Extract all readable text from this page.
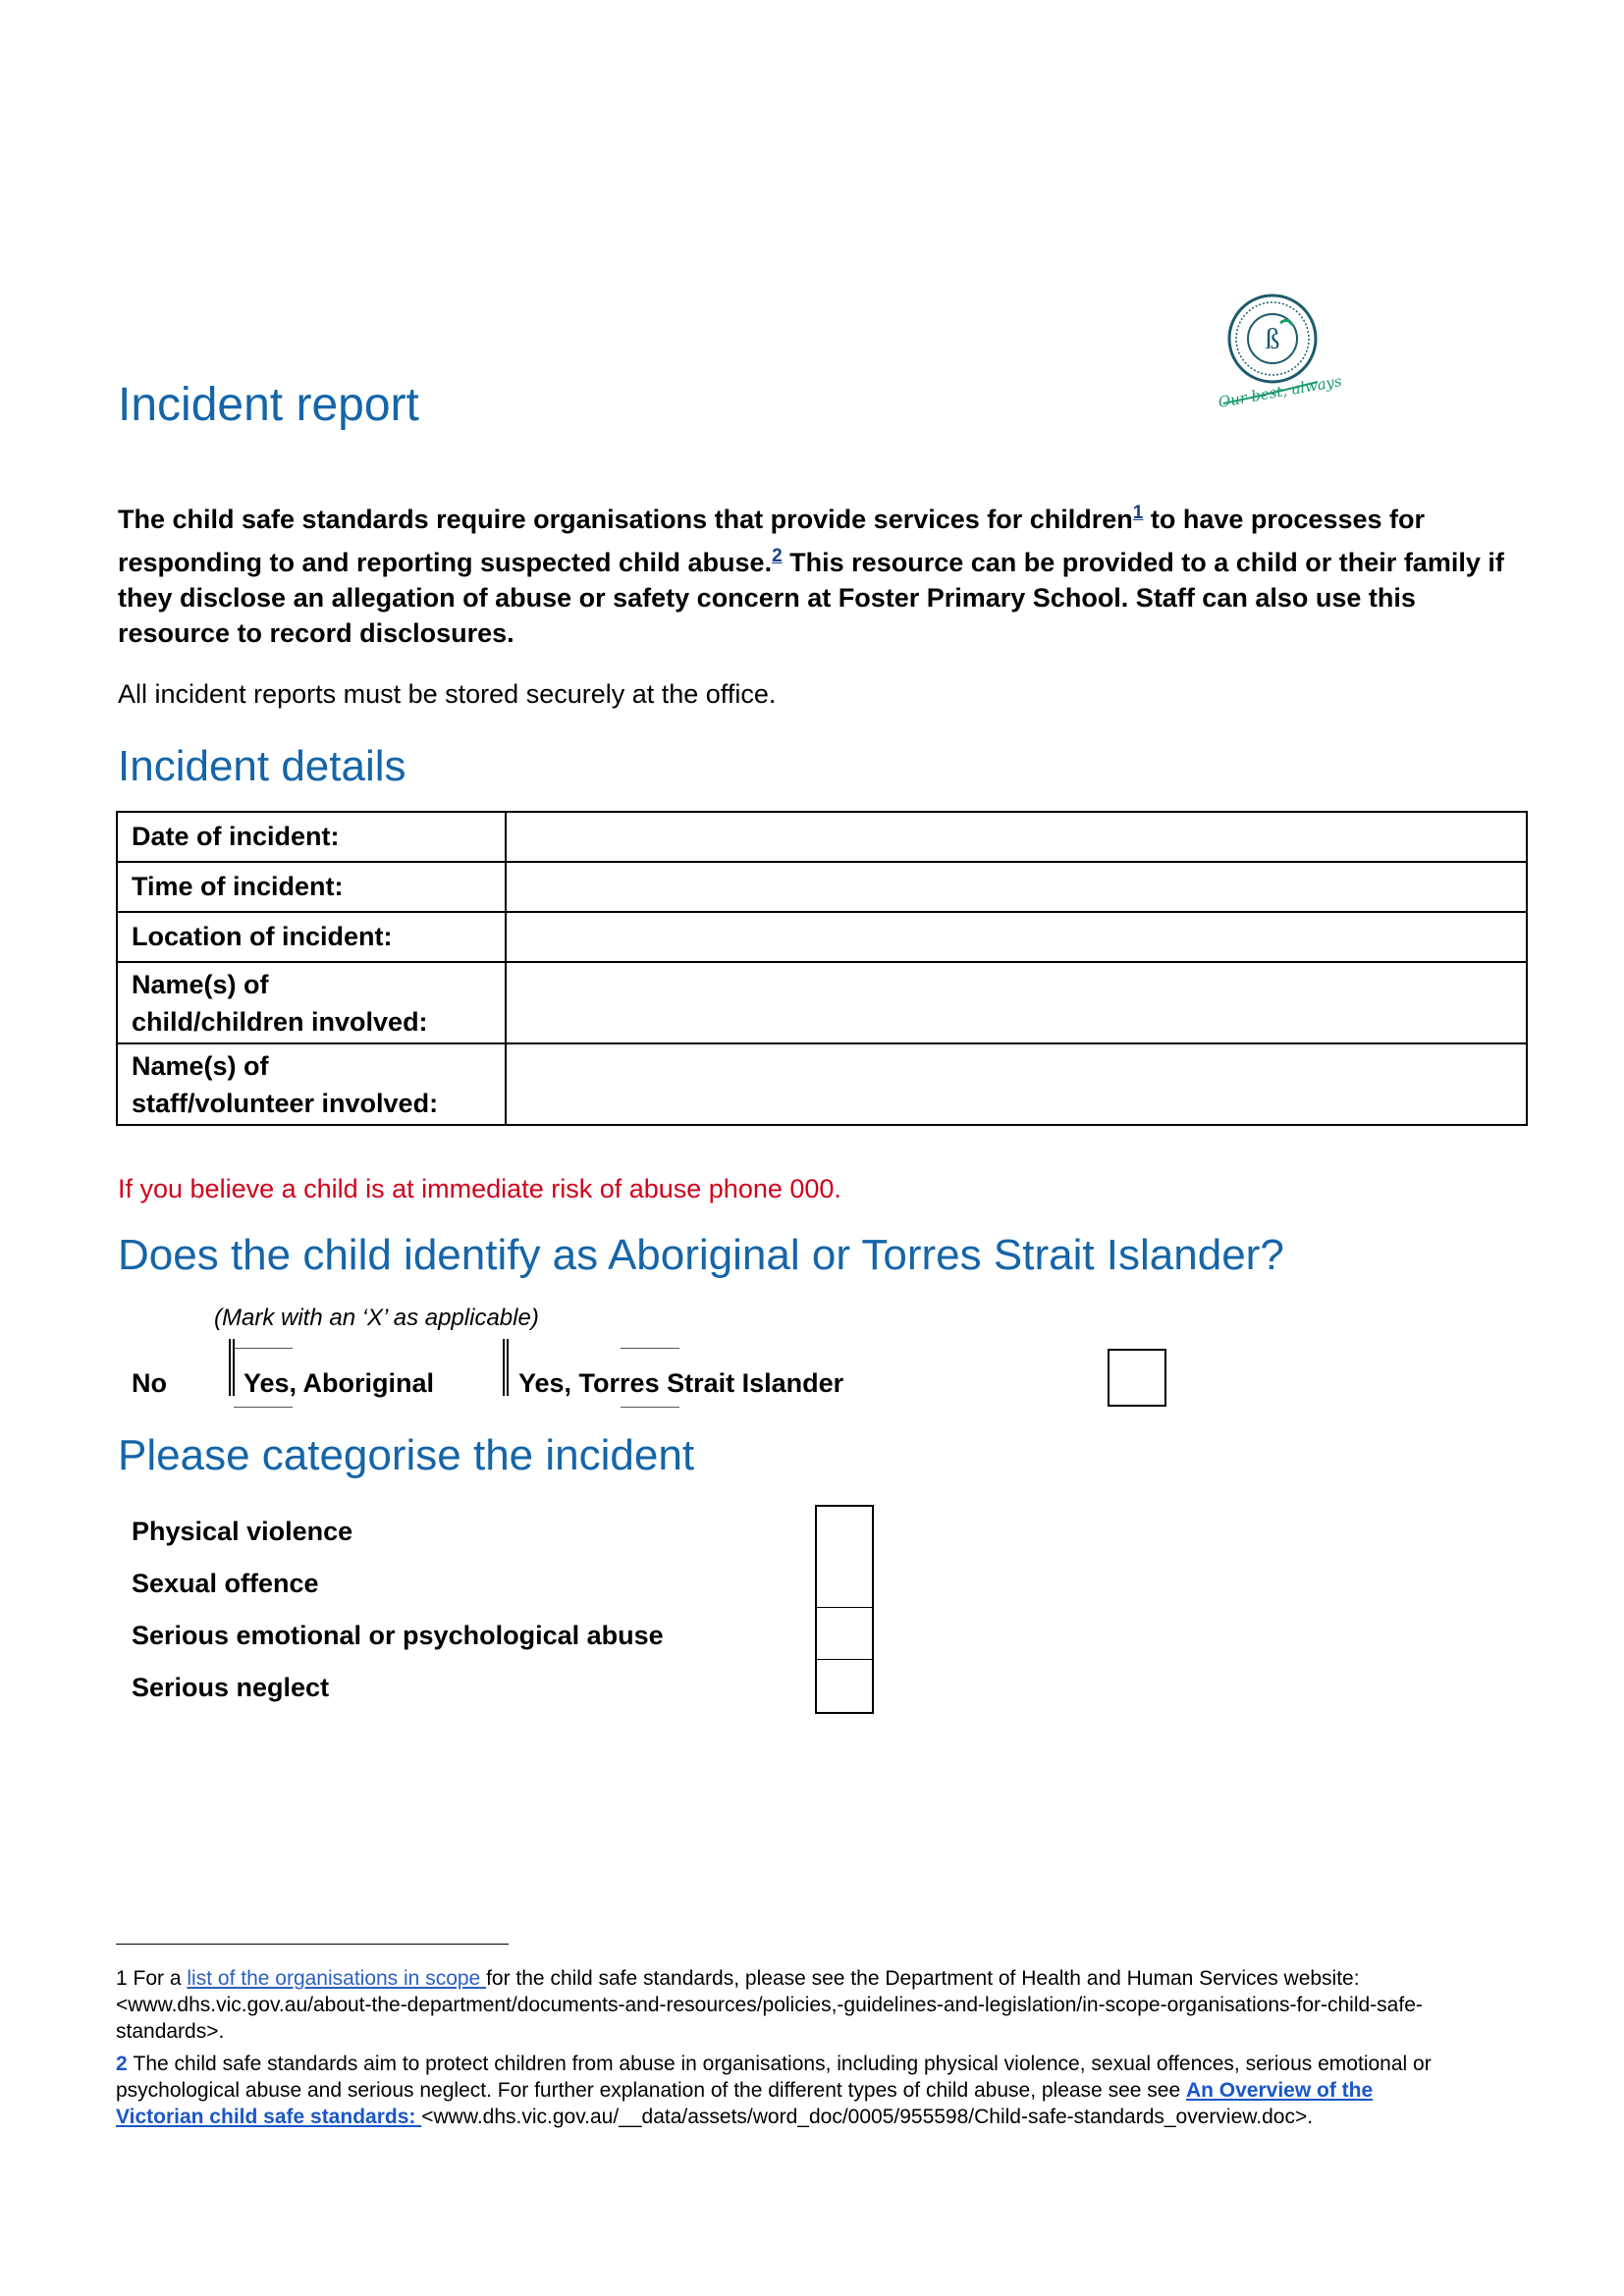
ß
Our best, always
Incident report
The child safe standards require organisations that provide services for children$^1$ to have processes for responding to and reporting suspected child abuse.$^2$ This resource can be provided to a child or their family if they disclose an allegation of abuse or safety concern at Foster Primary School. Staff can also use this resource to record disclosures.
All incident reports must be stored securely at the office.
Incident details
Date of incident:	
Time of incident:	
Location of incident:	
Name(s) of
child/children involved:	
Name(s) of
staff/volunteer involved:	
If you believe a child is at immediate risk of abuse phone 000.
Does the child identify as Aboriginal or Torres Strait Islander?
(Mark with an ‘X’ as applicable)
No	Yes, Aboriginal	Yes, Torres Strait Islander
Please categorise the incident
Physical violence
Sexual offence
Serious emotional or psychological abuse
Serious neglect
1 For a list of the organisations in scope for the child safe standards, please see the Department of Health and Human Services website:
<www.dhs.vic.gov.au/about-the-department/documents-and-resources/policies,-guidelines-and-legislation/in-scope-organisations-for-child-safe-
standards>.
2 The child safe standards aim to protect children from abuse in organisations, including physical violence, sexual offences, serious emotional or
psychological abuse and serious neglect. For further explanation of the different types of child abuse, please see see An Overview of the
Victorian child safe standards: <www.dhs.vic.gov.au/__data/assets/word_doc/0005/955598/Child-safe-standards_overview.doc>.
